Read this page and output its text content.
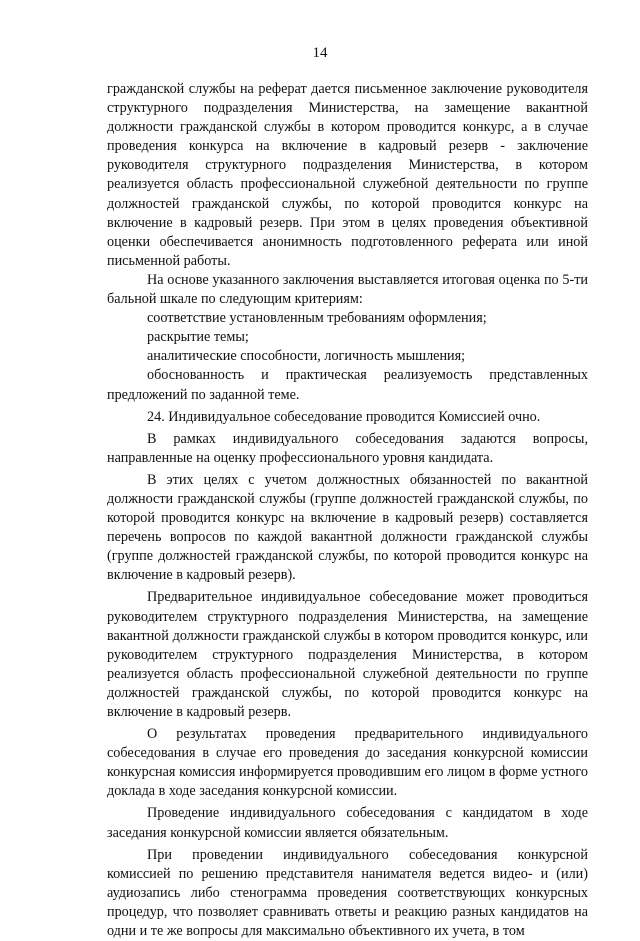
14

гражданской службы на реферат дается письменное заключение руководителя структурного подразделения Министерства, на замещение вакантной должности гражданской службы в котором проводится конкурс, а в случае проведения конкурса на включение в кадровый резерв - заключение руководителя структурного подразделения Министерства, в котором реализуется область профессиональной служебной деятельности по группе должностей гражданской службы, по которой проводится конкурс на включение в кадровый резерв. При этом в целях проведения объективной оценки обеспечивается анонимность подготовленного реферата или иной письменной работы.

На основе указанного заключения выставляется итоговая оценка по 5-ти бальной шкале по следующим критериям:

соответствие установленным требованиям оформления;

раскрытие темы;

аналитические способности, логичность мышления;

обоснованность и практическая реализуемость представленных предложений по заданной теме.

24. Индивидуальное собеседование проводится Комиссией очно.

В рамках индивидуального собеседования задаются вопросы, направленные на оценку профессионального уровня кандидата.

В этих целях с учетом должностных обязанностей по вакантной должности гражданской службы (группе должностей гражданской службы, по которой проводится конкурс на включение в кадровый резерв) составляется перечень вопросов по каждой вакантной должности гражданской службы (группе должностей гражданской службы, по которой проводится конкурс на включение в кадровый резерв).

Предварительное индивидуальное собеседование может проводиться руководителем структурного подразделения Министерства, на замещение вакантной должности гражданской службы в котором проводится конкурс, или руководителем структурного подразделения Министерства, в котором реализуется область профессиональной служебной деятельности по группе должностей гражданской службы, по которой проводится конкурс на включение в кадровый резерв.

О результатах проведения предварительного индивидуального собеседования в случае его проведения до заседания конкурсной комиссии конкурсная комиссия информируется проводившим его лицом в форме устного доклада в ходе заседания конкурсной комиссии.

Проведение индивидуального собеседования с кандидатом в ходе заседания конкурсной комиссии является обязательным.

При проведении индивидуального собеседования конкурсной комиссией по решению представителя нанимателя ведется видео- и (или) аудиозапись либо стенограмма проведения соответствующих конкурсных процедур, что позволяет сравнивать ответы и реакцию разных кандидатов на одни и те же вопросы для максимально объективного их учета, в том
